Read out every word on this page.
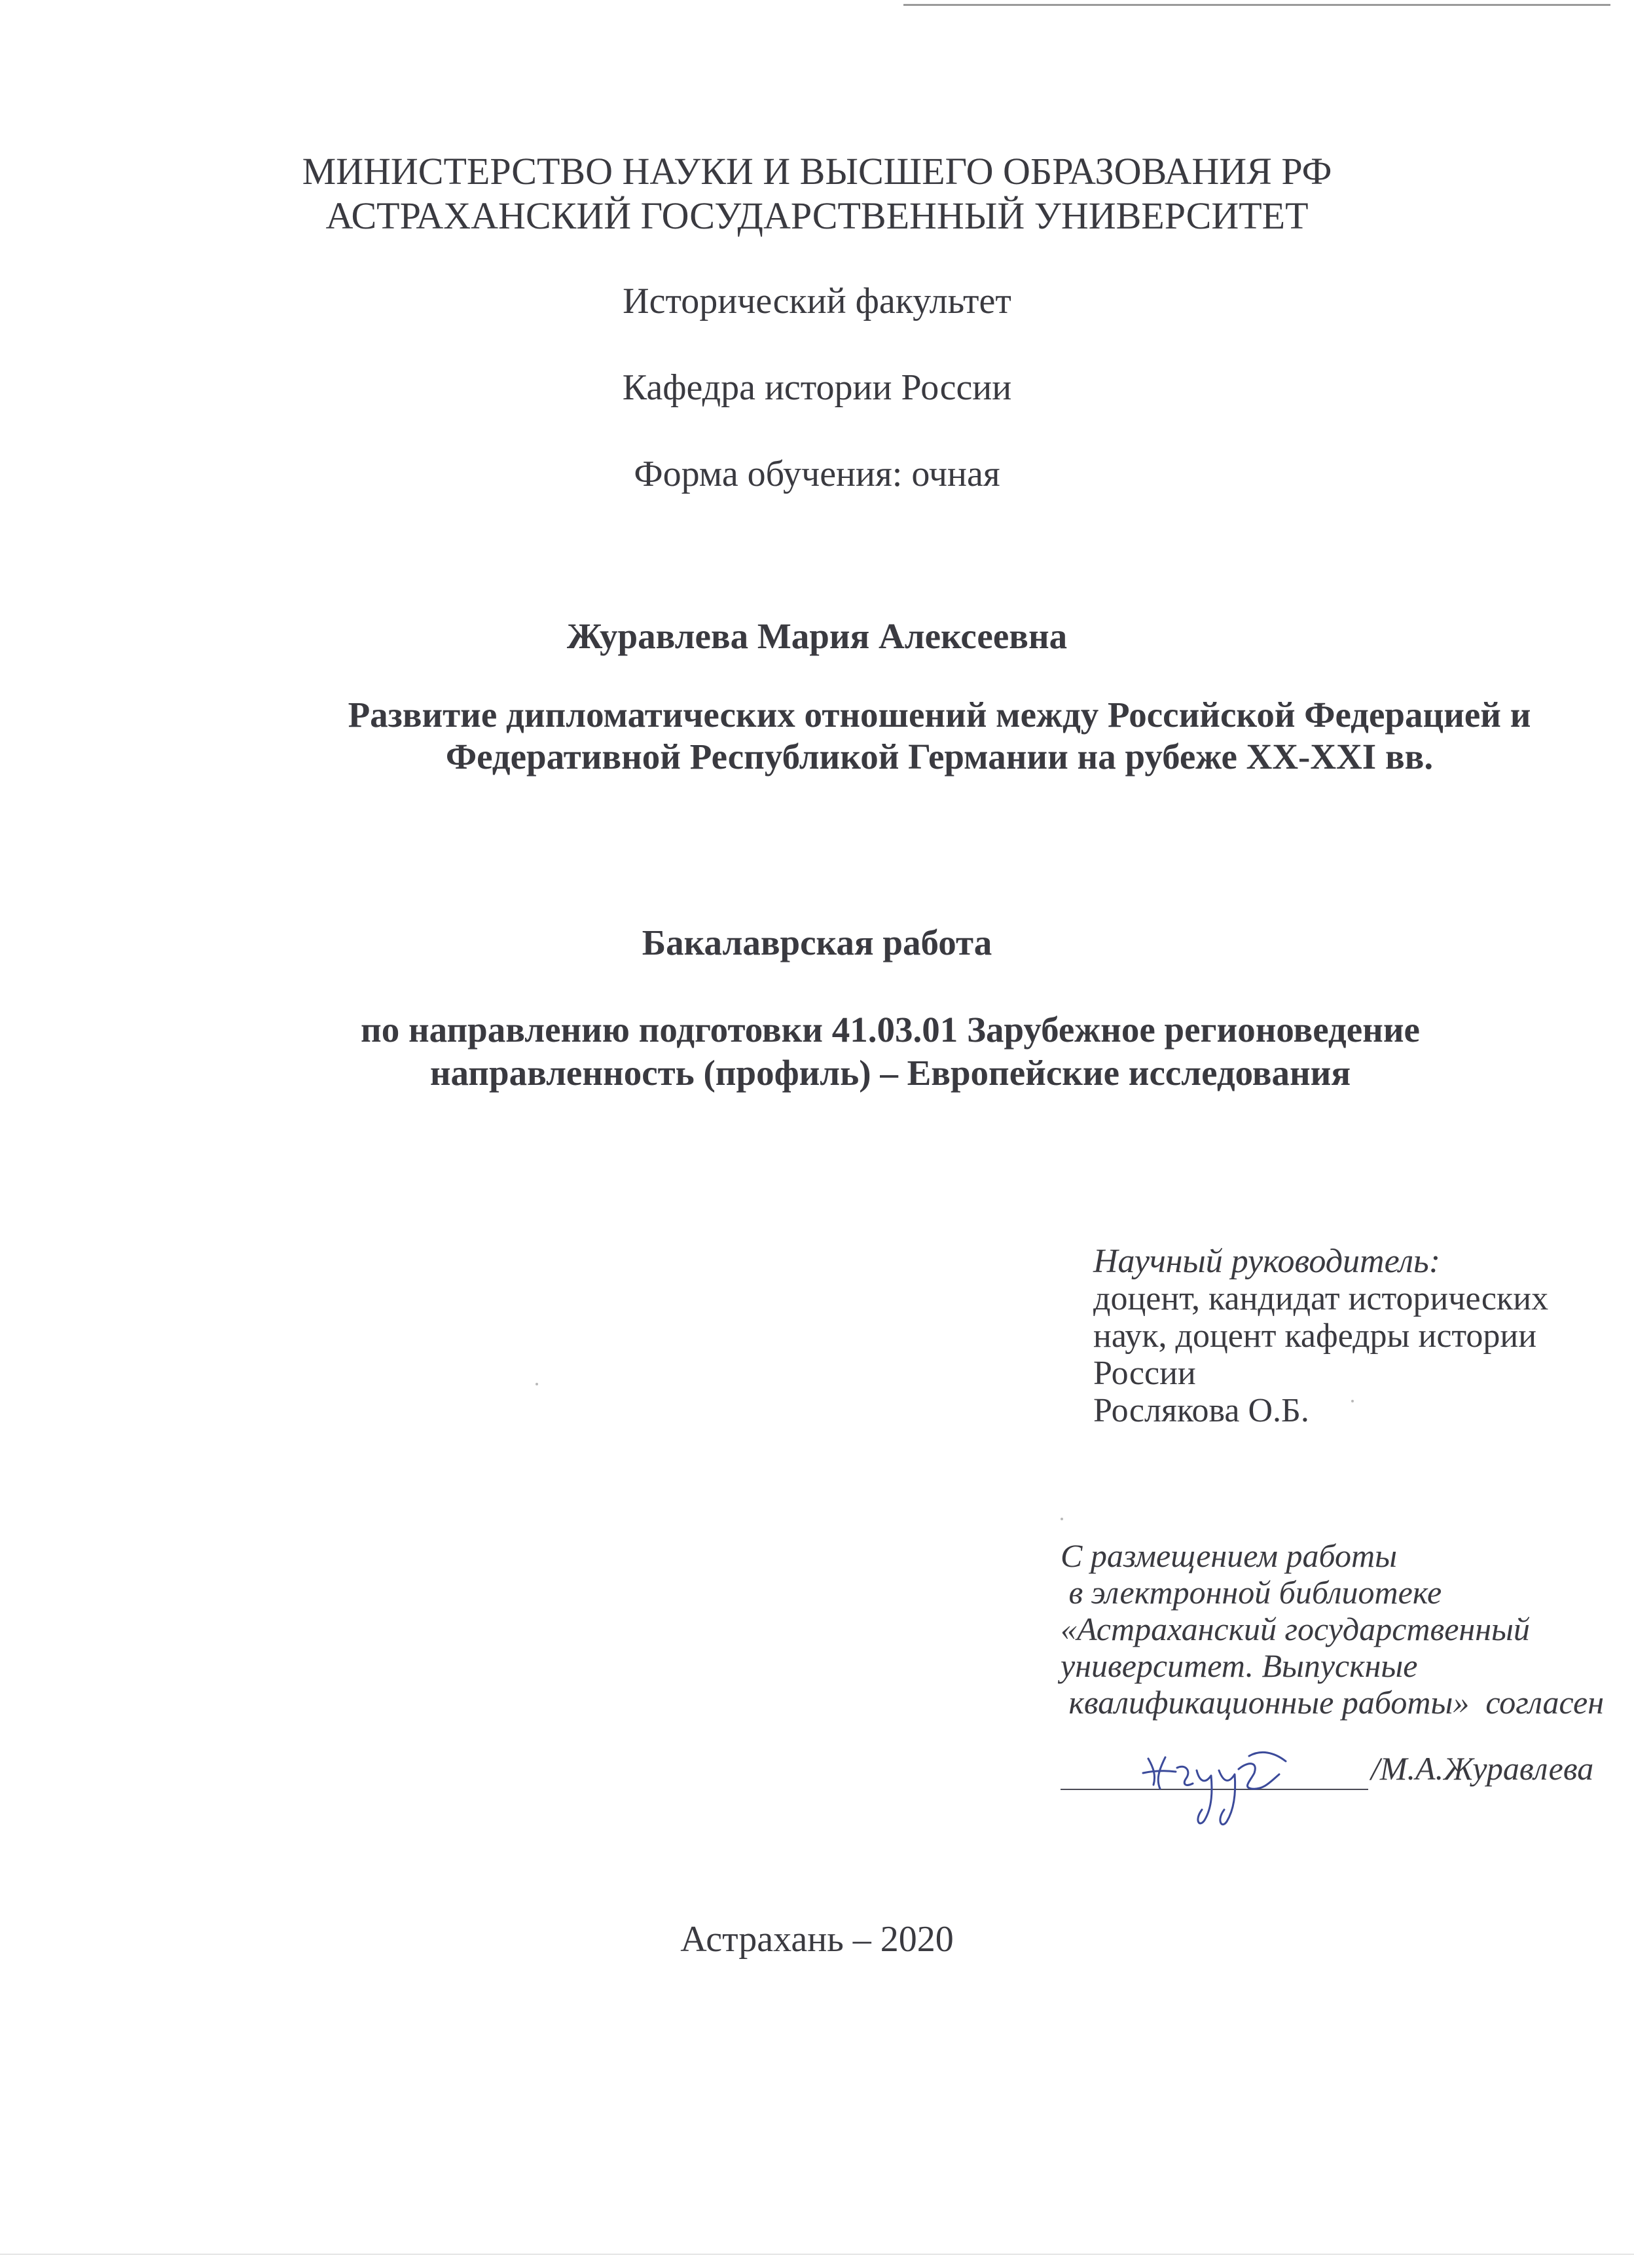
МИНИСТЕРСТВО НАУКИ И ВЫСШЕГО ОБРАЗОВАНИЯ РФ
АСТРАХАНСКИЙ ГОСУДАРСТВЕННЫЙ УНИВЕРСИТЕТ

Исторический факультет

Кафедра истории России

Форма обучения: очная

Журавлева Мария Алексеевна

Развитие дипломатических отношений между Российской Федерацией и Федеративной Республикой Германии на рубеже XX-XXI вв.

Бакалаврская работа

по направлению подготовки 41.03.01 Зарубежное регионоведение
направленность (профиль) – Европейские исследования
Научный руководитель:
доцент, кандидат исторических
наук, доцент кафедры истории
России
Рослякова О.Б.
С размещением работы
в электронной библиотеке
«Астраханский государственный
университет. Выпускные
квалификационные работы»  согласен
/М.А.Журавлева

Астрахань – 2020
